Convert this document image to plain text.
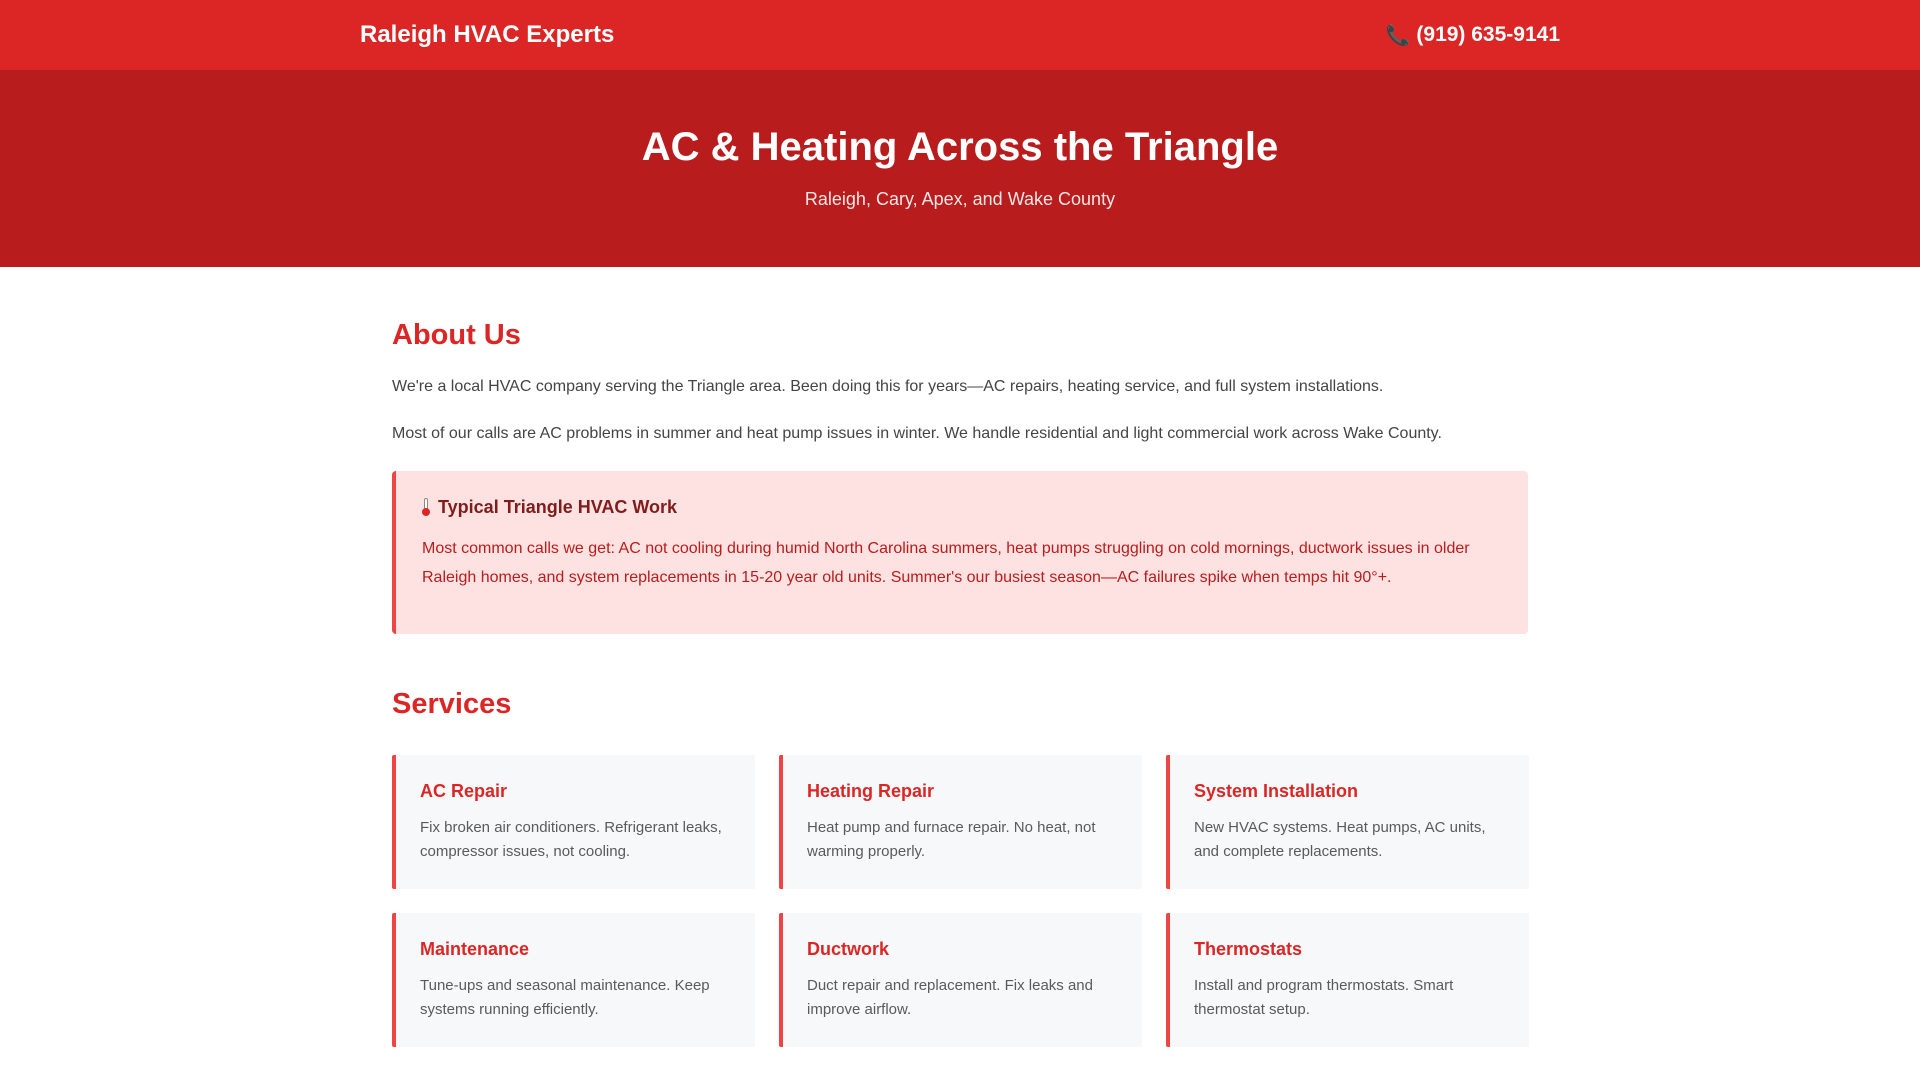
Raleigh HVAC Experts	📞 (919) 635-9141
AC & Heating Across the Triangle

Raleigh, Cary, Apex, and Wake County

About Us

We're a local HVAC company serving the Triangle area. Been doing this for years—AC repairs, heating service, and full system installations.

Most of our calls are AC problems in summer and heat pump issues in winter. We handle residential and light commercial work across Wake County.

Typical Triangle HVAC Work

Most common calls we get: AC not cooling during humid North Carolina summers, heat pumps struggling on cold mornings, ductwork issues in older Raleigh homes, and system replacements in 15-20 year old units. Summer's our busiest season—AC failures spike when temps hit 90°+.

Services
AC Repair

Fix broken air conditioners. Refrigerant leaks, compressor issues, not cooling.

Heating Repair

Heat pump and furnace repair. No heat, not warming properly.

System Installation

New HVAC systems. Heat pumps, AC units, and complete replacements.

Maintenance

Tune-ups and seasonal maintenance. Keep systems running efficiently.

Ductwork

Duct repair and replacement. Fix leaks and improve airflow.

Thermostats

Install and program thermostats. Smart thermostat setup.
